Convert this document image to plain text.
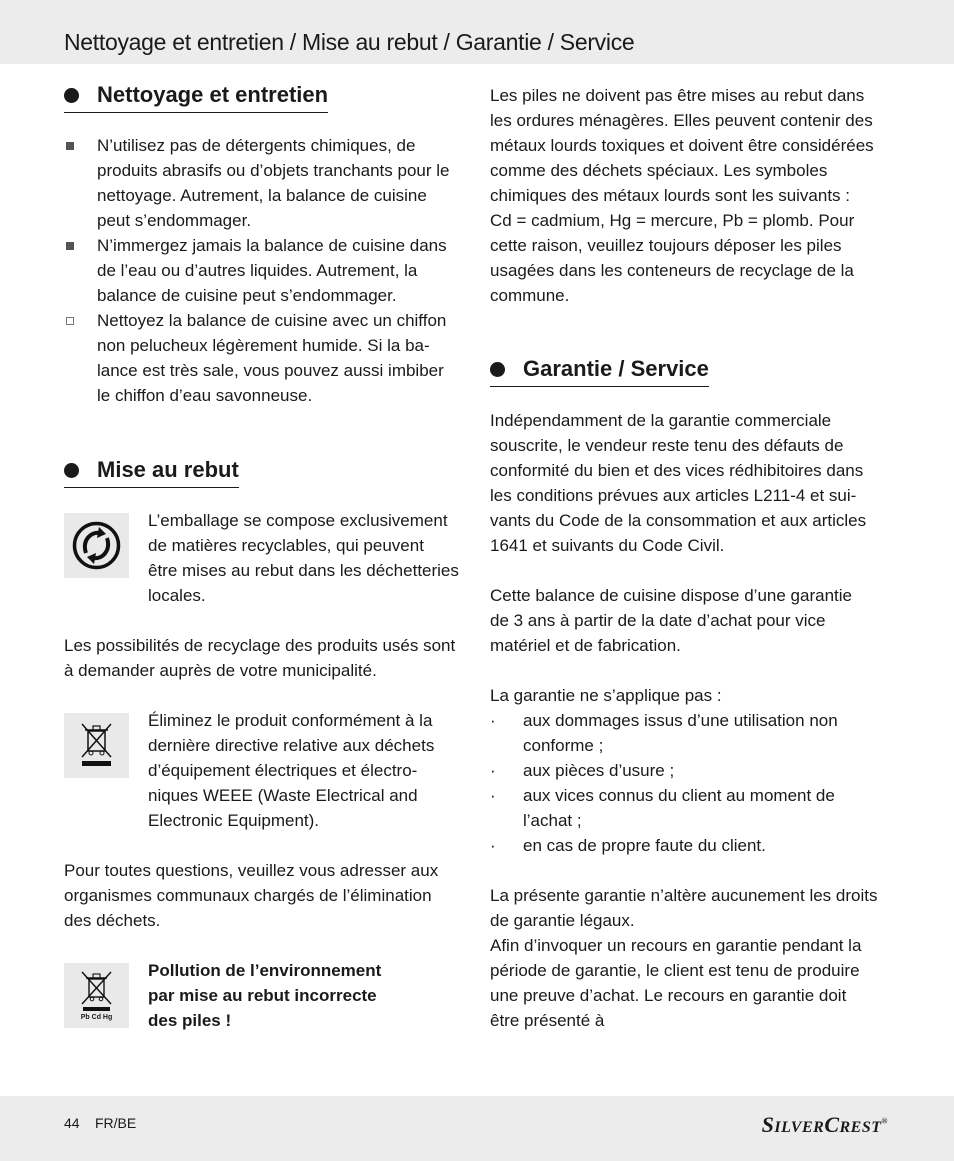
Nettoyage et entretien / Mise au rebut / Garantie / Service
Nettoyage et entretien
N’utilisez pas de détergents chimiques, de
produits abrasifs ou d’objets tranchants pour le
nettoyage. Autrement, la balance de cuisine
peut s’endommager.
N’immergez jamais la balance de cuisine dans
de l’eau ou d’autres liquides. Autrement, la
balance de cuisine peut s’endommager.
Nettoyez la balance de cuisine avec un chiffon
non pelucheux légèrement humide. Si la ba-
lance est très sale, vous pouvez aussi imbiber
le chiffon d’eau savonneuse.
Mise au rebut
L’emballage se compose exclusivement
de matières recyclables, qui peuvent
être mises au rebut dans les déchetteries
locales.
Les possibilités de recyclage des produits usés sont
à demander auprès de votre municipalité.
Éliminez le produit conformément à la
dernière directive relative aux déchets
d’équipement électriques et électro-
niques WEEE (Waste Electrical and
Electronic Equipment).
Pour toutes questions, veuillez vous adresser aux
organismes communaux chargés de l’élimination
des déchets.
Pb Cd Hg
Pollution de l’environnement
par mise au rebut incorrecte
des piles !
Les piles ne doivent pas être mises au rebut dans
les ordures ménagères. Elles peuvent contenir des
métaux lourds toxiques et doivent être considérées
comme des déchets spéciaux. Les symboles
chimiques des métaux lourds sont les suivants :
Cd = cadmium, Hg = mercure, Pb = plomb. Pour
cette raison, veuillez toujours déposer les piles
usagées dans les conteneurs de recyclage de la
commune.
Garantie / Service
Indépendamment de la garantie commerciale
souscrite, le vendeur reste tenu des défauts de
conformité du bien et des vices rédhibitoires dans
les conditions prévues aux articles L211-4 et sui-
vants du Code de la consommation et aux articles
1641 et suivants du Code Civil.
Cette balance de cuisine dispose d’une garantie
de 3 ans à partir de la date d’achat pour vice
matériel et de fabrication.
La garantie ne s’applique pas :
· aux dommages issus d’une utilisation non
conforme ;
· aux pièces d’usure ;
· aux vices connus du client au moment de
l’achat ;
· en cas de propre faute du client.
La présente garantie n’altère aucunement les droits
de garantie légaux.
Afin d’invoquer un recours en garantie pendant la
période de garantie, le client est tenu de produire
une preuve d’achat. Le recours en garantie doit
être présenté à
44 FR/BE	SILVERCREST®
